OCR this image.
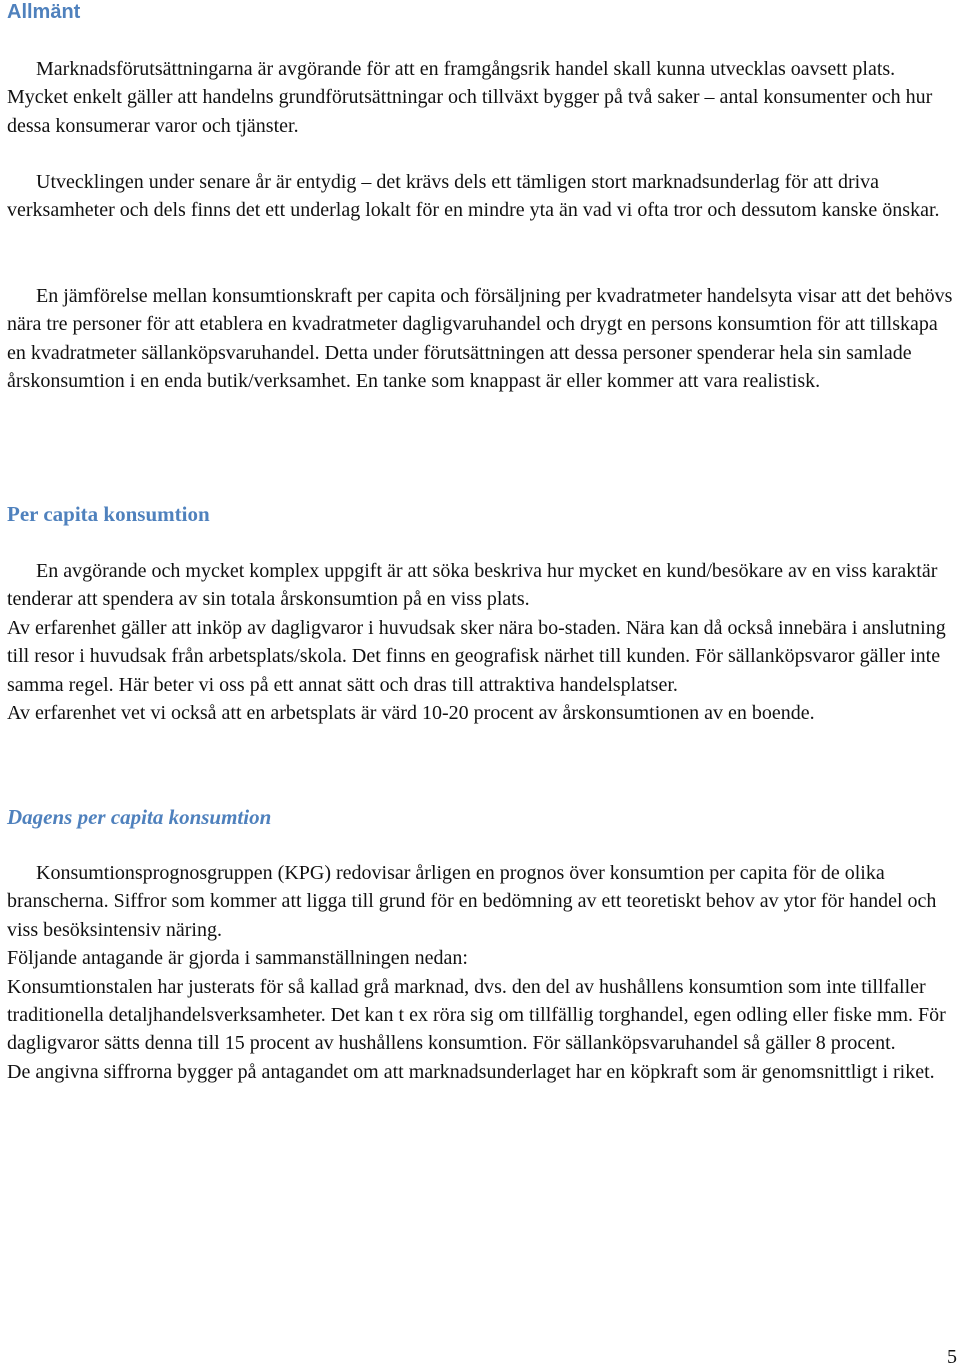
Allmänt

Marknadsförutsättningarna är avgörande för att en framgångsrik handel skall kunna utvecklas oavsett plats. Mycket enkelt gäller att handelns grundförutsättningar och tillväxt bygger på två saker – antal konsumenter och hur dessa konsumerar varor och tjänster.

Utvecklingen under senare år är entydig – det krävs dels ett tämligen stort marknadsunderlag för att driva verksamheter och dels finns det ett underlag lokalt för en mindre yta än vad vi ofta tror och dessutom kanske önskar.

En jämförelse mellan konsumtionskraft per capita och försäljning per kvadratmeter handelsyta visar att det behövs nära tre personer för att etablera en kvadratmeter dagligvaruhandel och drygt en persons konsumtion för att tillskapa en kvadratmeter sällanköpsvaruhandel. Detta under förutsättningen att dessa personer spenderar hela sin samlade årskonsumtion i en enda butik/verksamhet. En tanke som knappast är eller kommer att vara realistisk.

Per capita konsumtion

En avgörande och mycket komplex uppgift är att söka beskriva hur mycket en kund/besökare av en viss karaktär tenderar att spendera av sin totala årskonsumtion på en viss plats.

Av erfarenhet gäller att inköp av dagligvaror i huvudsak sker nära bo-staden. Nära kan då också innebära i anslutning till resor i huvudsak från arbetsplats/skola. Det finns en geografisk närhet till kunden. För sällanköpsvaror gäller inte samma regel. Här beter vi oss på ett annat sätt och dras till attraktiva handelsplatser.

Av erfarenhet vet vi också att en arbetsplats är värd 10-20 procent av årskonsumtionen av en boende.

Dagens per capita konsumtion

Konsumtionsprognosgruppen (KPG) redovisar årligen en prognos över konsumtion per capita för de olika branscherna. Siffror som kommer att ligga till grund för en bedömning av ett teoretiskt behov av ytor för handel och viss besöksintensiv näring.

Följande antagande är gjorda i sammanställningen nedan:

Konsumtionstalen har justerats för så kallad grå marknad, dvs. den del av hushållens konsumtion som inte tillfaller traditionella detaljhandelsverksamheter. Det kan t ex röra sig om tillfällig torghandel, egen odling eller fiske mm. För dagligvaror sätts denna till 15 procent av hushållens konsumtion. För sällanköpsvaruhandel så gäller 8 procent.

De angivna siffrorna bygger på antagandet om att marknadsunderlaget har en köpkraft som är genomsnittligt i riket.

5
